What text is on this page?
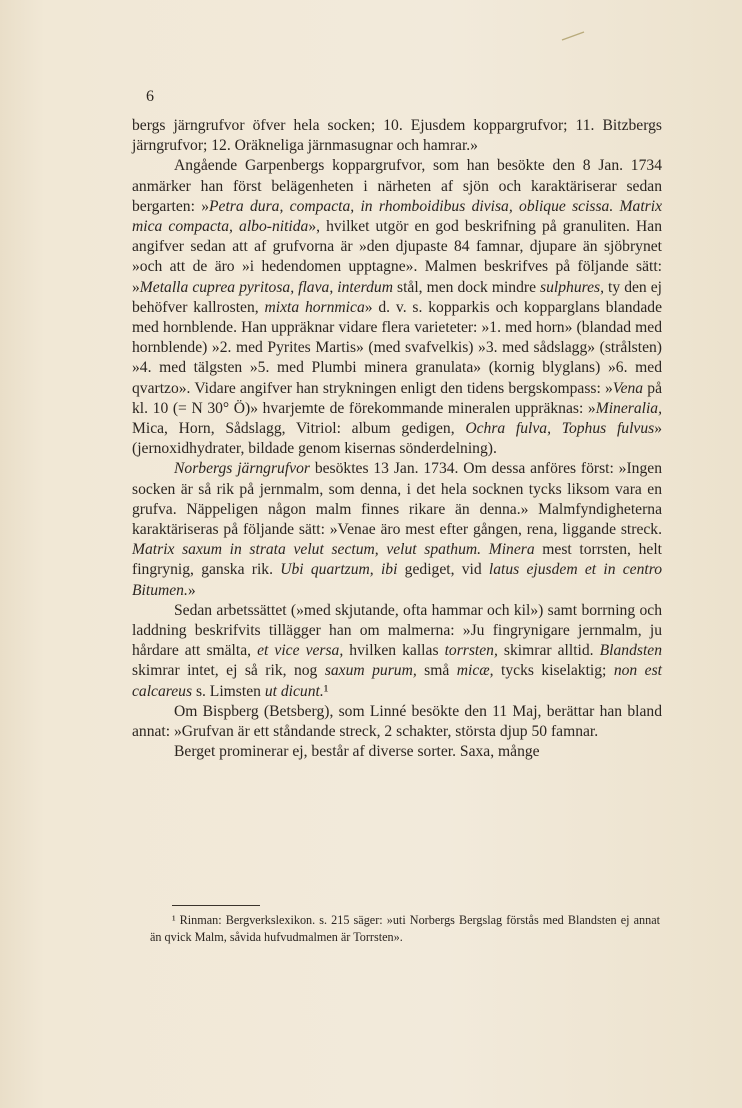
6

bergs järngrufvor öfver hela socken; 10. Ejusdem koppargrufvor; 11. Bitzbergs järngrufvor; 12. Oräkneliga järnmasugnar och hamrar.»

Angående Garpenbergs koppargrufvor, som han besökte den 8 Jan. 1734 anmärker han först belägenheten i närheten af sjön och karaktäriserar sedan bergarten: »Petra dura, compacta, in rhomboidibus divisa, oblique scissa. Matrix mica compacta, albo-nitida», hvilket utgör en god beskrifning på granuliten. Han angifver sedan att af grufvorna är »den djupaste 84 famnar, djupare än sjöbrynet »och att de äro »i hedendomen upptagne». Malmen beskrifves på följande sätt: »Metalla cuprea pyritosa, flava, interdum stål, men dock mindre sulphures, ty den ej behöfver kallrosten, mixta hornmica» d. v. s. kopparkis och kopparglans blandade med hornblende. Han uppräknar vidare flera varieteter: »1. med horn» (blandad med hornblende) »2. med Pyrites Martis» (med svafvelkis) »3. med sådslagg» (strålsten) »4. med tälgsten »5. med Plumbi minera granulata» (kornig blyglans) »6. med qvartzo». Vidare angifver han strykningen enligt den tidens bergskompass: »Vena på kl. 10 (= N 30° Ö)» hvarjemte de förekommande mineralen uppräknas: »Mineralia, Mica, Horn, Sådslagg, Vitriol: album gedigen, Ochra fulva, Tophus fulvus» (jernoxidhydrater, bildade genom kisernas sönderdelning).

Norbergs järngrufvor besöktes 13 Jan. 1734. Om dessa anföres först: »Ingen socken är så rik på jernmalm, som denna, i det hela socknen tycks liksom vara en grufva. Näppeligen någon malm finnes rikare än denna.» Malmfyndigheterna karaktäriseras på följande sätt: »Venae äro mest efter gången, rena, liggande streck. Matrix saxum in strata velut sectum, velut spathum. Minera mest torrsten, helt fingrynig, ganska rik. Ubi quartzum, ibi gediget, vid latus ejusdem et in centro Bitumen.»

Sedan arbetssättet (»med skjutande, ofta hammar och kil») samt borrning och laddning beskrifvits tillägger han om malmerna: »Ju fingrynigare jernmalm, ju hårdare att smälta, et vice versa, hvilken kallas torrsten, skimrar alltid. Blandsten skimrar intet, ej så rik, nog saxum purum, små micæ, tycks kiselaktig; non est calcareus s. Limsten ut dicunt.¹

Om Bispberg (Betsberg), som Linné besökte den 11 Maj, berättar han bland annat: »Grufvan är ett ståndande streck, 2 schakter, största djup 50 famnar.

Berget prominerar ej, består af diverse sorter. Saxa, månge

¹ Rinman: Bergverkslexikon. s. 215 säger: »uti Norbergs Bergslag förstås med Blandsten ej annat än qvick Malm, såvida hufvudmalmen är Torrsten».
